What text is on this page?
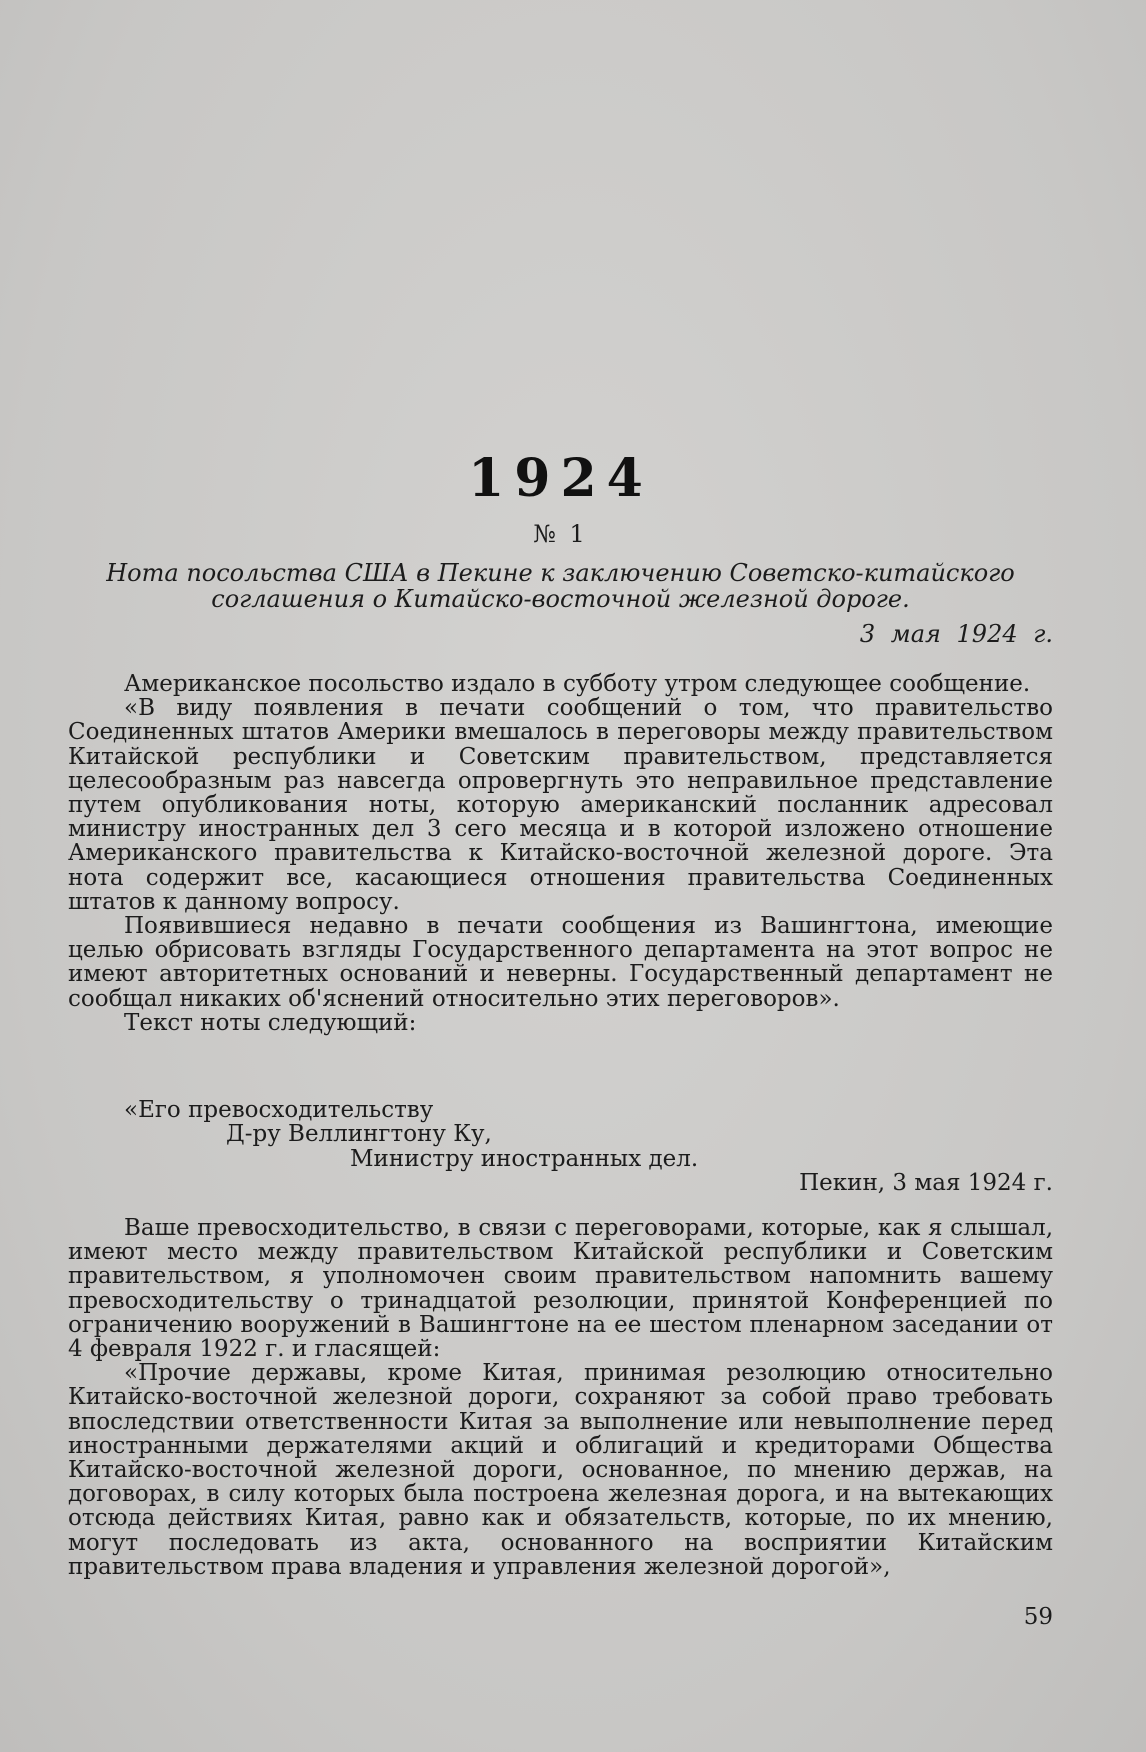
1924
№ 1
Нота посольства США в Пекине к заключению Советско-китайского соглашения о Китайско-восточной железной дороге.
3 мая 1924 г.

Американское посольство издало в субботу утром следующее сообщение.

«В виду появления в печати сообщений о том, что правительство Соединенных штатов Америки вмешалось в переговоры между правительством Китайской республики и Советским правительством, представляется целесообразным раз навсегда опровергнуть это неправильное представление путем опубликования ноты, которую американский посланник адресовал министру иностранных дел 3 сего месяца и в которой изложено отношение Американского правительства к Китайско-восточной железной дороге. Эта нота содержит все, касающиеся отношения правительства Соединенных штатов к данному вопросу.

Появившиеся недавно в печати сообщения из Вашингтона, имеющие целью обрисовать взгляды Государственного департамента на этот вопрос не имеют авторитетных оснований и неверны. Государственный департамент не сообщал никаких об'яснений относительно этих переговоров».

Текст ноты следующий:

«Его превосходительству
Д-ру Веллингтону Ку,
Министру иностранных дел.
Пекин, 3 мая 1924 г.

Ваше превосходительство, в связи с переговорами, которые, как я слышал, имеют место между правительством Китайской республики и Советским правительством, я уполномочен своим правительством напомнить вашему превосходительству о тринадцатой резолюции, принятой Конференцией по ограничению вооружений в Вашингтоне на ее шестом пленарном заседании от 4 февраля 1922 г. и гласящей:

«Прочие державы, кроме Китая, принимая резолюцию относительно Китайско-восточной железной дороги, сохраняют за собой право требовать впоследствии ответственности Китая за выполнение или невыполнение перед иностранными держателями акций и облигаций и кредиторами Общества Китайско-восточной железной дороги, основанное, по мнению держав, на договорах, в силу которых была построена железная дорога, и на вытекающих отсюда действиях Китая, равно как и обязательств, которые, по их мнению, могут последовать из акта, основанного на восприятии Китайским правительством права владения и управления железной дорогой»,

59
